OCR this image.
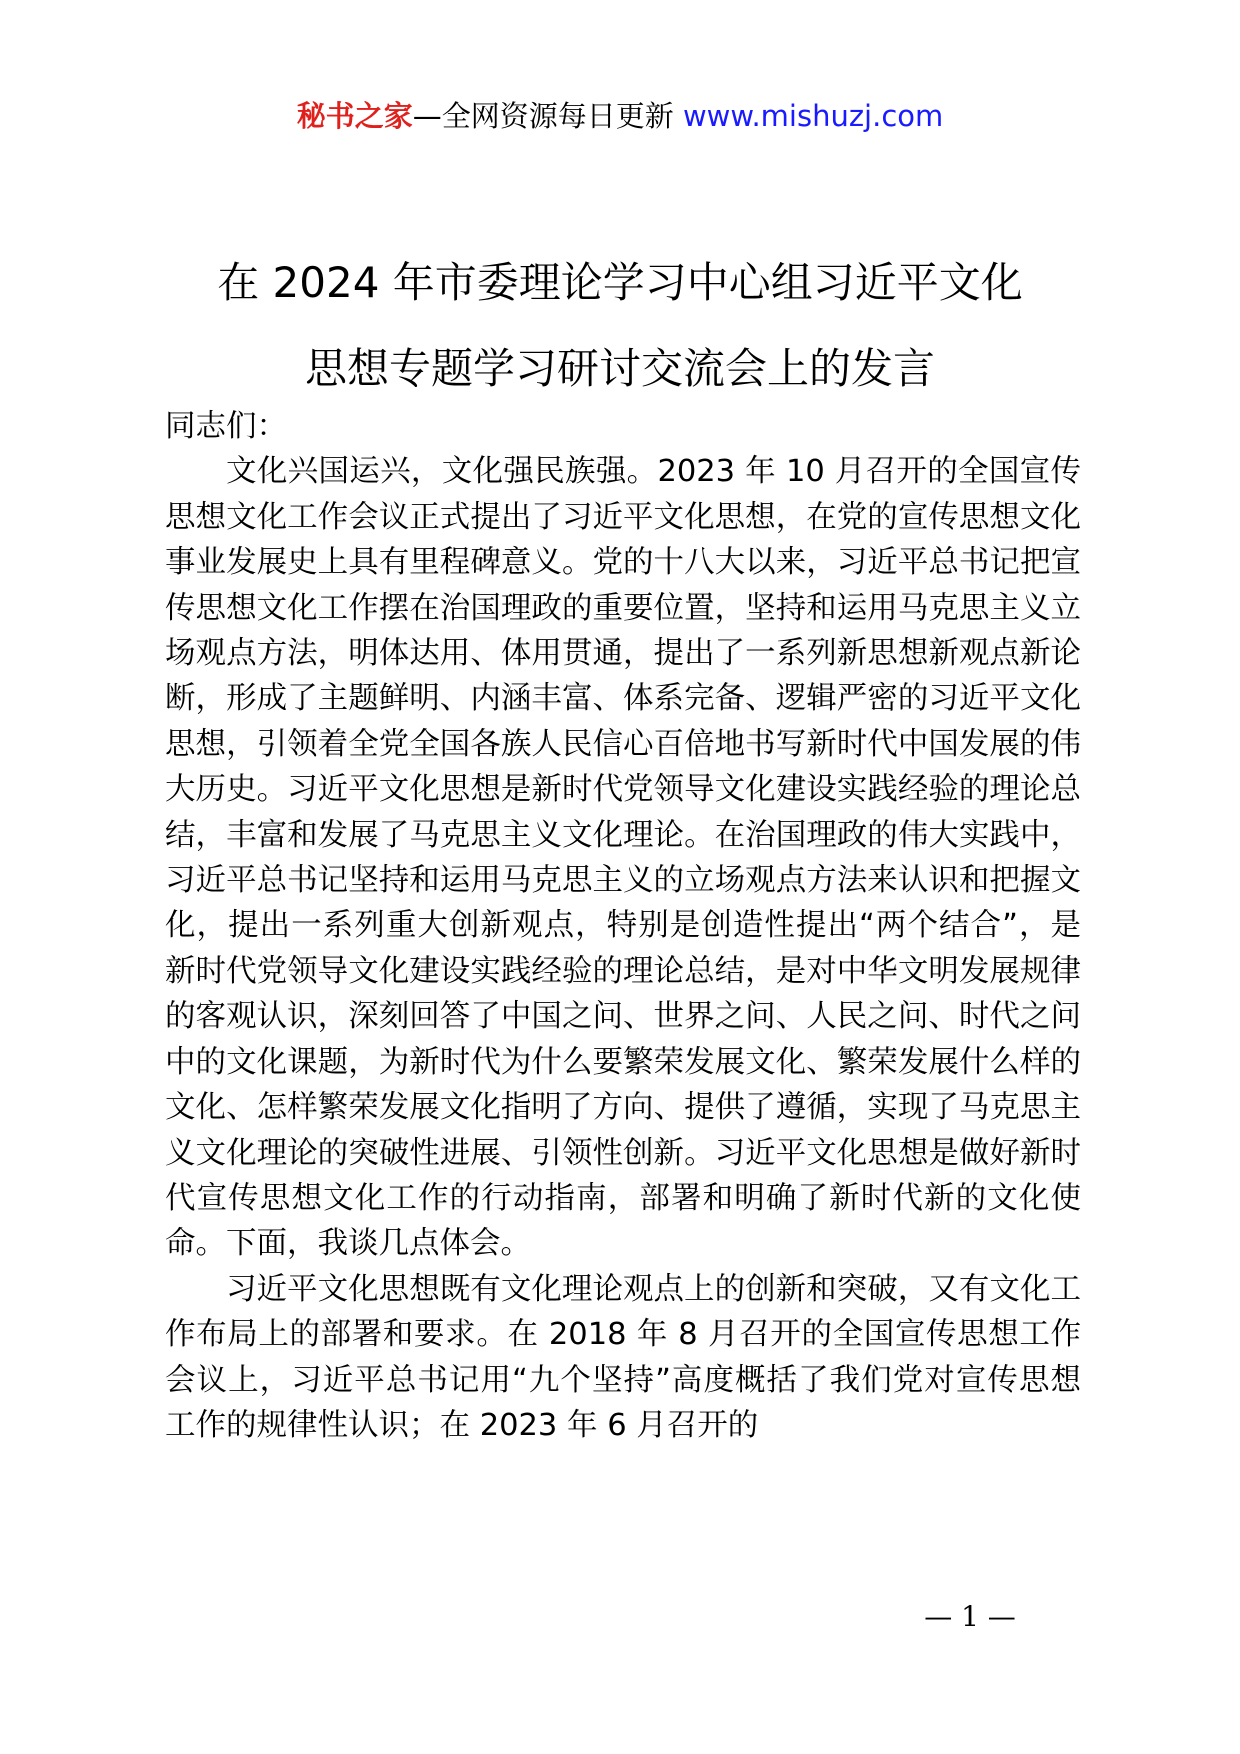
秘书之家—全网资源每日更新 www.mishuzj.com
在 2024 年市委理论学习中心组习近平文化
思想专题学习研讨交流会上的发言

同志们：

文化兴国运兴，文化强民族强。2023 年 10 月召开的全国宣传思想文化工作会议正式提出了习近平文化思想，在党的宣传思想文化事业发展史上具有里程碑意义。党的十八大以来，习近平总书记把宣传思想文化工作摆在治国理政的重要位置，坚持和运用马克思主义立场观点方法，明体达用、体用贯通，提出了一系列新思想新观点新论断，形成了主题鲜明、内涵丰富、体系完备、逻辑严密的习近平文化思想，引领着全党全国各族人民信心百倍地书写新时代中国发展的伟大历史。习近平文化思想是新时代党领导文化建设实践经验的理论总结，丰富和发展了马克思主义文化理论。在治国理政的伟大实践中，习近平总书记坚持和运用马克思主义的立场观点方法来认识和把握文化，提出一系列重大创新观点，特别是创造性提出“两个结合”，是新时代党领导文化建设实践经验的理论总结，是对中华文明发展规律的客观认识，深刻回答了中国之问、世界之问、人民之问、时代之问中的文化课题，为新时代为什么要繁荣发展文化、繁荣发展什么样的文化、怎样繁荣发展文化指明了方向、提供了遵循，实现了马克思主义文化理论的突破性进展、引领性创新。习近平文化思想是做好新时代宣传思想文化工作的行动指南，部署和明确了新时代新的文化使命。下面，我谈几点体会。

习近平文化思想既有文化理论观点上的创新和突破，又有文化工作布局上的部署和要求。在 2018 年 8 月召开的全国宣传思想工作会议上，习近平总书记用“九个坚持”高度概括了我们党对宣传思想工作的规律性认识；在 2023 年 6 月召开的

— 1 —
